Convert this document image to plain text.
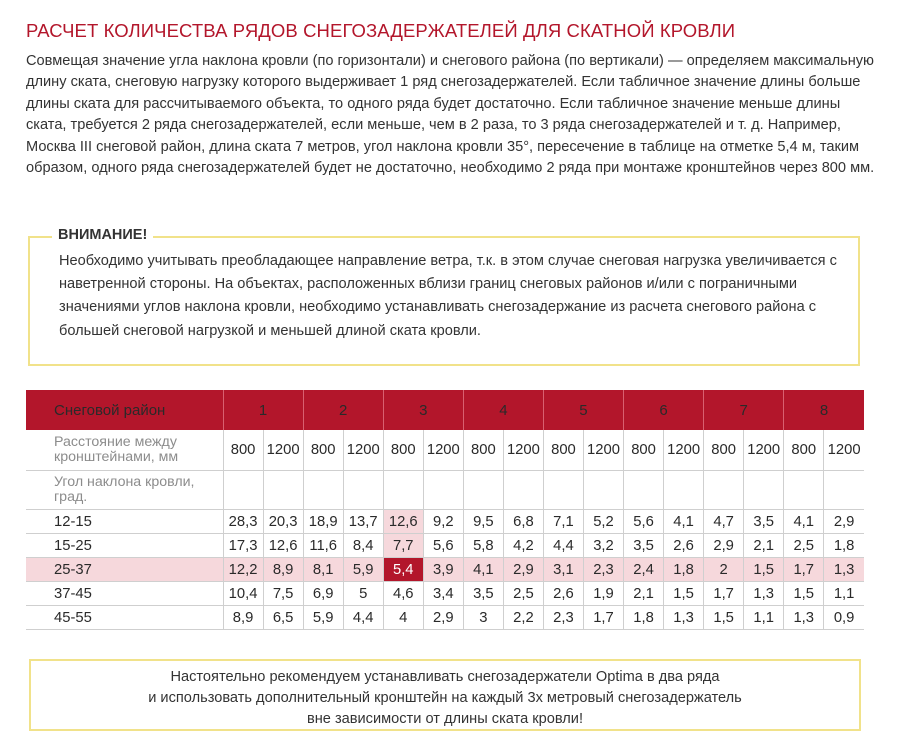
РАСЧЕТ КОЛИЧЕСТВА РЯДОВ СНЕГОЗАДЕРЖАТЕЛЕЙ ДЛЯ СКАТНОЙ КРОВЛИ

Совмещая значение угла наклона кровли (по горизонтали) и снегового района (по вертикали) — определяем максимальную длину ската, снеговую нагрузку которого выдерживает 1 ряд снегозадержателей. Если табличное значение длины больше длины ската для рассчитываемого объекта, то одного ряда будет достаточно. Если табличное значение меньше длины ската, требуется 2 ряда снегозадержателей, если меньше, чем в 2 раза, то 3 ряда снегозадержателей и т. д. Например, Москва III снеговой район, длина ската 7 метров, угол наклона кровли 35°, пересечение в таблице на отметке 5,4 м, таким образом, одного ряда снегозадержателей будет не достаточно, необходимо 2 ряда при монтаже кронштейнов через 800 мм.

ВНИМАНИЕ!

Необходимо учитывать преобладающее направление ветра, т.к. в этом случае снеговая нагрузка увеличивается с наветренной стороны. На объектах, расположенных вблизи границ снеговых районов и/или с пограничными значениями углов наклона кровли, необходимо устанавливать снегозадержание из расчета снегового района с большей снеговой нагрузкой и меньшей длиной ската кровли.

Снеговой район	1		2		3		4		5		6		7		8	
Расстояние между кронштейнами, мм	800	1200	800	1200	800	1200	800	1200	800	1200	800	1200	800	1200	800	1200
Угол наклона кровли, град.																
12-15	28,3	20,3	18,9	13,7	12,6	9,2	9,5	6,8	7,1	5,2	5,6	4,1	4,7	3,5	4,1	2,9
15-25	17,3	12,6	11,6	8,4	7,7	5,6	5,8	4,2	4,4	3,2	3,5	2,6	2,9	2,1	2,5	1,8
25-37	12,2	8,9	8,1	5,9	5,4	3,9	4,1	2,9	3,1	2,3	2,4	1,8	2	1,5	1,7	1,3
37-45	10,4	7,5	6,9	5	4,6	3,4	3,5	2,5	2,6	1,9	2,1	1,5	1,7	1,3	1,5	1,1
45-55	8,9	6,5	5,9	4,4	4	2,9	3	2,2	2,3	1,7	1,8	1,3	1,5	1,1	1,3	0,9
Настоятельно рекомендуем устанавливать снегозадержатели Optima в два ряда
и использовать дополнительный кронштейн на каждый 3х метровый снегозадержатель
вне зависимости от длины ската кровли!
